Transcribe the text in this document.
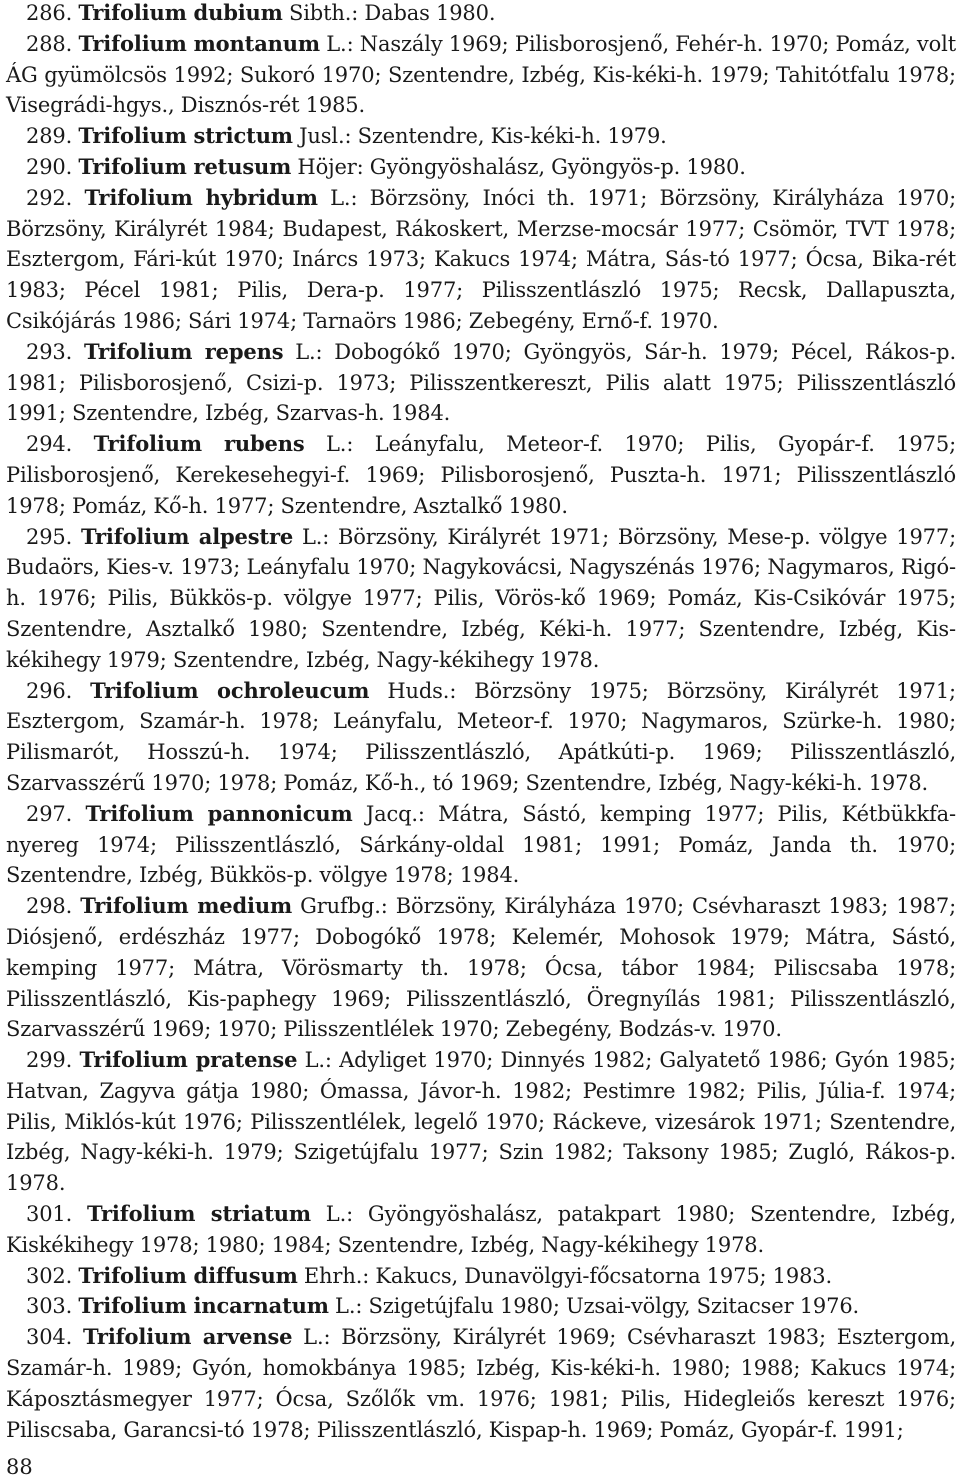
286. Trifolium dubium Sibth.: Dabas 1980.

288. Trifolium montanum L.: Naszály 1969; Pilisborosjenő, Fehér-h. 1970; Pomáz, volt ÁG gyümölcsös 1992; Sukoró 1970; Szentendre, Izbég, Kis-kéki-h. 1979; Tahitótfalu 1978; Visegrádi-hgys., Disznós-rét 1985.

289. Trifolium strictum Jusl.: Szentendre, Kis-kéki-h. 1979.

290. Trifolium retusum Höjer: Gyöngyöshalász, Gyöngyös-p. 1980.

292. Trifolium hybridum L.: Börzsöny, Inóci th. 1971; Börzsöny, Királyháza 1970; Börzsöny, Királyrét 1984; Budapest, Rákoskert, Merzse-mocsár 1977; Csömör, TVT 1978; Esztergom, Fári-kút 1970; Inárcs 1973; Kakucs 1974; Mátra, Sás-tó 1977; Ócsa, Bika-rét 1983; Pécel 1981; Pilis, Dera-p. 1977; Pilisszentlászló 1975; Recsk, Dallapuszta, Csikójárás 1986; Sári 1974; Tarnaörs 1986; Zebegény, Ernő-f. 1970.

293. Trifolium repens L.: Dobogókő 1970; Gyöngyös, Sár-h. 1979; Pécel, Rákos-p. 1981; Pilisborosjenő, Csizi-p. 1973; Pilisszentkereszt, Pilis alatt 1975; Pilisszentlászló 1991; Szentendre, Izbég, Szarvas-h. 1984.

294. Trifolium rubens L.: Leányfalu, Meteor-f. 1970; Pilis, Gyopár-f. 1975; Pilisborosjenő, Kerekesehegyi-f. 1969; Pilisborosjenő, Puszta-h. 1971; Pilisszentlászló 1978; Pomáz, Kő-h. 1977; Szentendre, Asztalkő 1980.

295. Trifolium alpestre L.: Börzsöny, Királyrét 1971; Börzsöny, Mese-p. völgye 1977; Budaörs, Kies-v. 1973; Leányfalu 1970; Nagykovácsi, Nagyszénás 1976; Nagymaros, Rigó-h. 1976; Pilis, Bükkös-p. völgye 1977; Pilis, Vörös-kő 1969; Pomáz, Kis-Csikóvár 1975; Szentendre, Asztalkő 1980; Szentendre, Izbég, Kéki-h. 1977; Szentendre, Izbég, Kis-kékihegy 1979; Szentendre, Izbég, Nagy-kékihegy 1978.

296. Trifolium ochroleucum Huds.: Börzsöny 1975; Börzsöny, Királyrét 1971; Esztergom, Szamár-h. 1978; Leányfalu, Meteor-f. 1970; Nagymaros, Szürke-h. 1980; Pilismarót, Hosszú-h. 1974; Pilisszentlászló, Apátkúti-p. 1969; Pilisszentlászló, Szarvasszérű 1970; 1978; Pomáz, Kő-h., tó 1969; Szentendre, Izbég, Nagy-kéki-h. 1978.

297. Trifolium pannonicum Jacq.: Mátra, Sástó, kemping 1977; Pilis, Kétbükkfa-nyereg 1974; Pilisszentlászló, Sárkány-oldal 1981; 1991; Pomáz, Janda th. 1970; Szentendre, Izbég, Bükkös-p. völgye 1978; 1984.

298. Trifolium medium Grufbg.: Börzsöny, Királyháza 1970; Csévharaszt 1983; 1987; Diósjenő, erdészház 1977; Dobogókő 1978; Kelemér, Mohosok 1979; Mátra, Sástó, kemping 1977; Mátra, Vörösmarty th. 1978; Ócsa, tábor 1984; Piliscsaba 1978; Pilisszentlászló, Kis-paphegy 1969; Pilisszentlászló, Öregnyílás 1981; Pilisszentlászló, Szarvasszérű 1969; 1970; Pilisszentlélek 1970; Zebegény, Bodzás-v. 1970.

299. Trifolium pratense L.: Adyliget 1970; Dinnyés 1982; Galyatető 1986; Gyón 1985; Hatvan, Zagyva gátja 1980; Ómassa, Jávor-h. 1982; Pestimre 1982; Pilis, Júlia-f. 1974; Pilis, Miklós-kút 1976; Pilisszentlélek, legelő 1970; Ráckeve, vizesárok 1971; Szentendre, Izbég, Nagy-kéki-h. 1979; Szigetújfalu 1977; Szin 1982; Taksony 1985; Zugló, Rákos-p. 1978.

301. Trifolium striatum L.: Gyöngyöshalász, patakpart 1980; Szentendre, Izbég, Kiskékihegy 1978; 1980; 1984; Szentendre, Izbég, Nagy-kékihegy 1978.

302. Trifolium diffusum Ehrh.: Kakucs, Dunavölgyi-főcsatorna 1975; 1983.

303. Trifolium incarnatum L.: Szigetújfalu 1980; Uzsai-völgy, Szitacser 1976.

304. Trifolium arvense L.: Börzsöny, Királyrét 1969; Csévharaszt 1983; Esztergom, Szamár-h. 1989; Gyón, homokbánya 1985; Izbég, Kis-kéki-h. 1980; 1988; Kakucs 1974; Káposztásmegyer 1977; Ócsa, Szőlők vm. 1976; 1981; Pilis, Hidegleiős kereszt 1976; Piliscsaba, Garancsi-tó 1978; Pilisszentlászló, Kispap-h. 1969; Pomáz, Gyopár-f. 1991;

88
